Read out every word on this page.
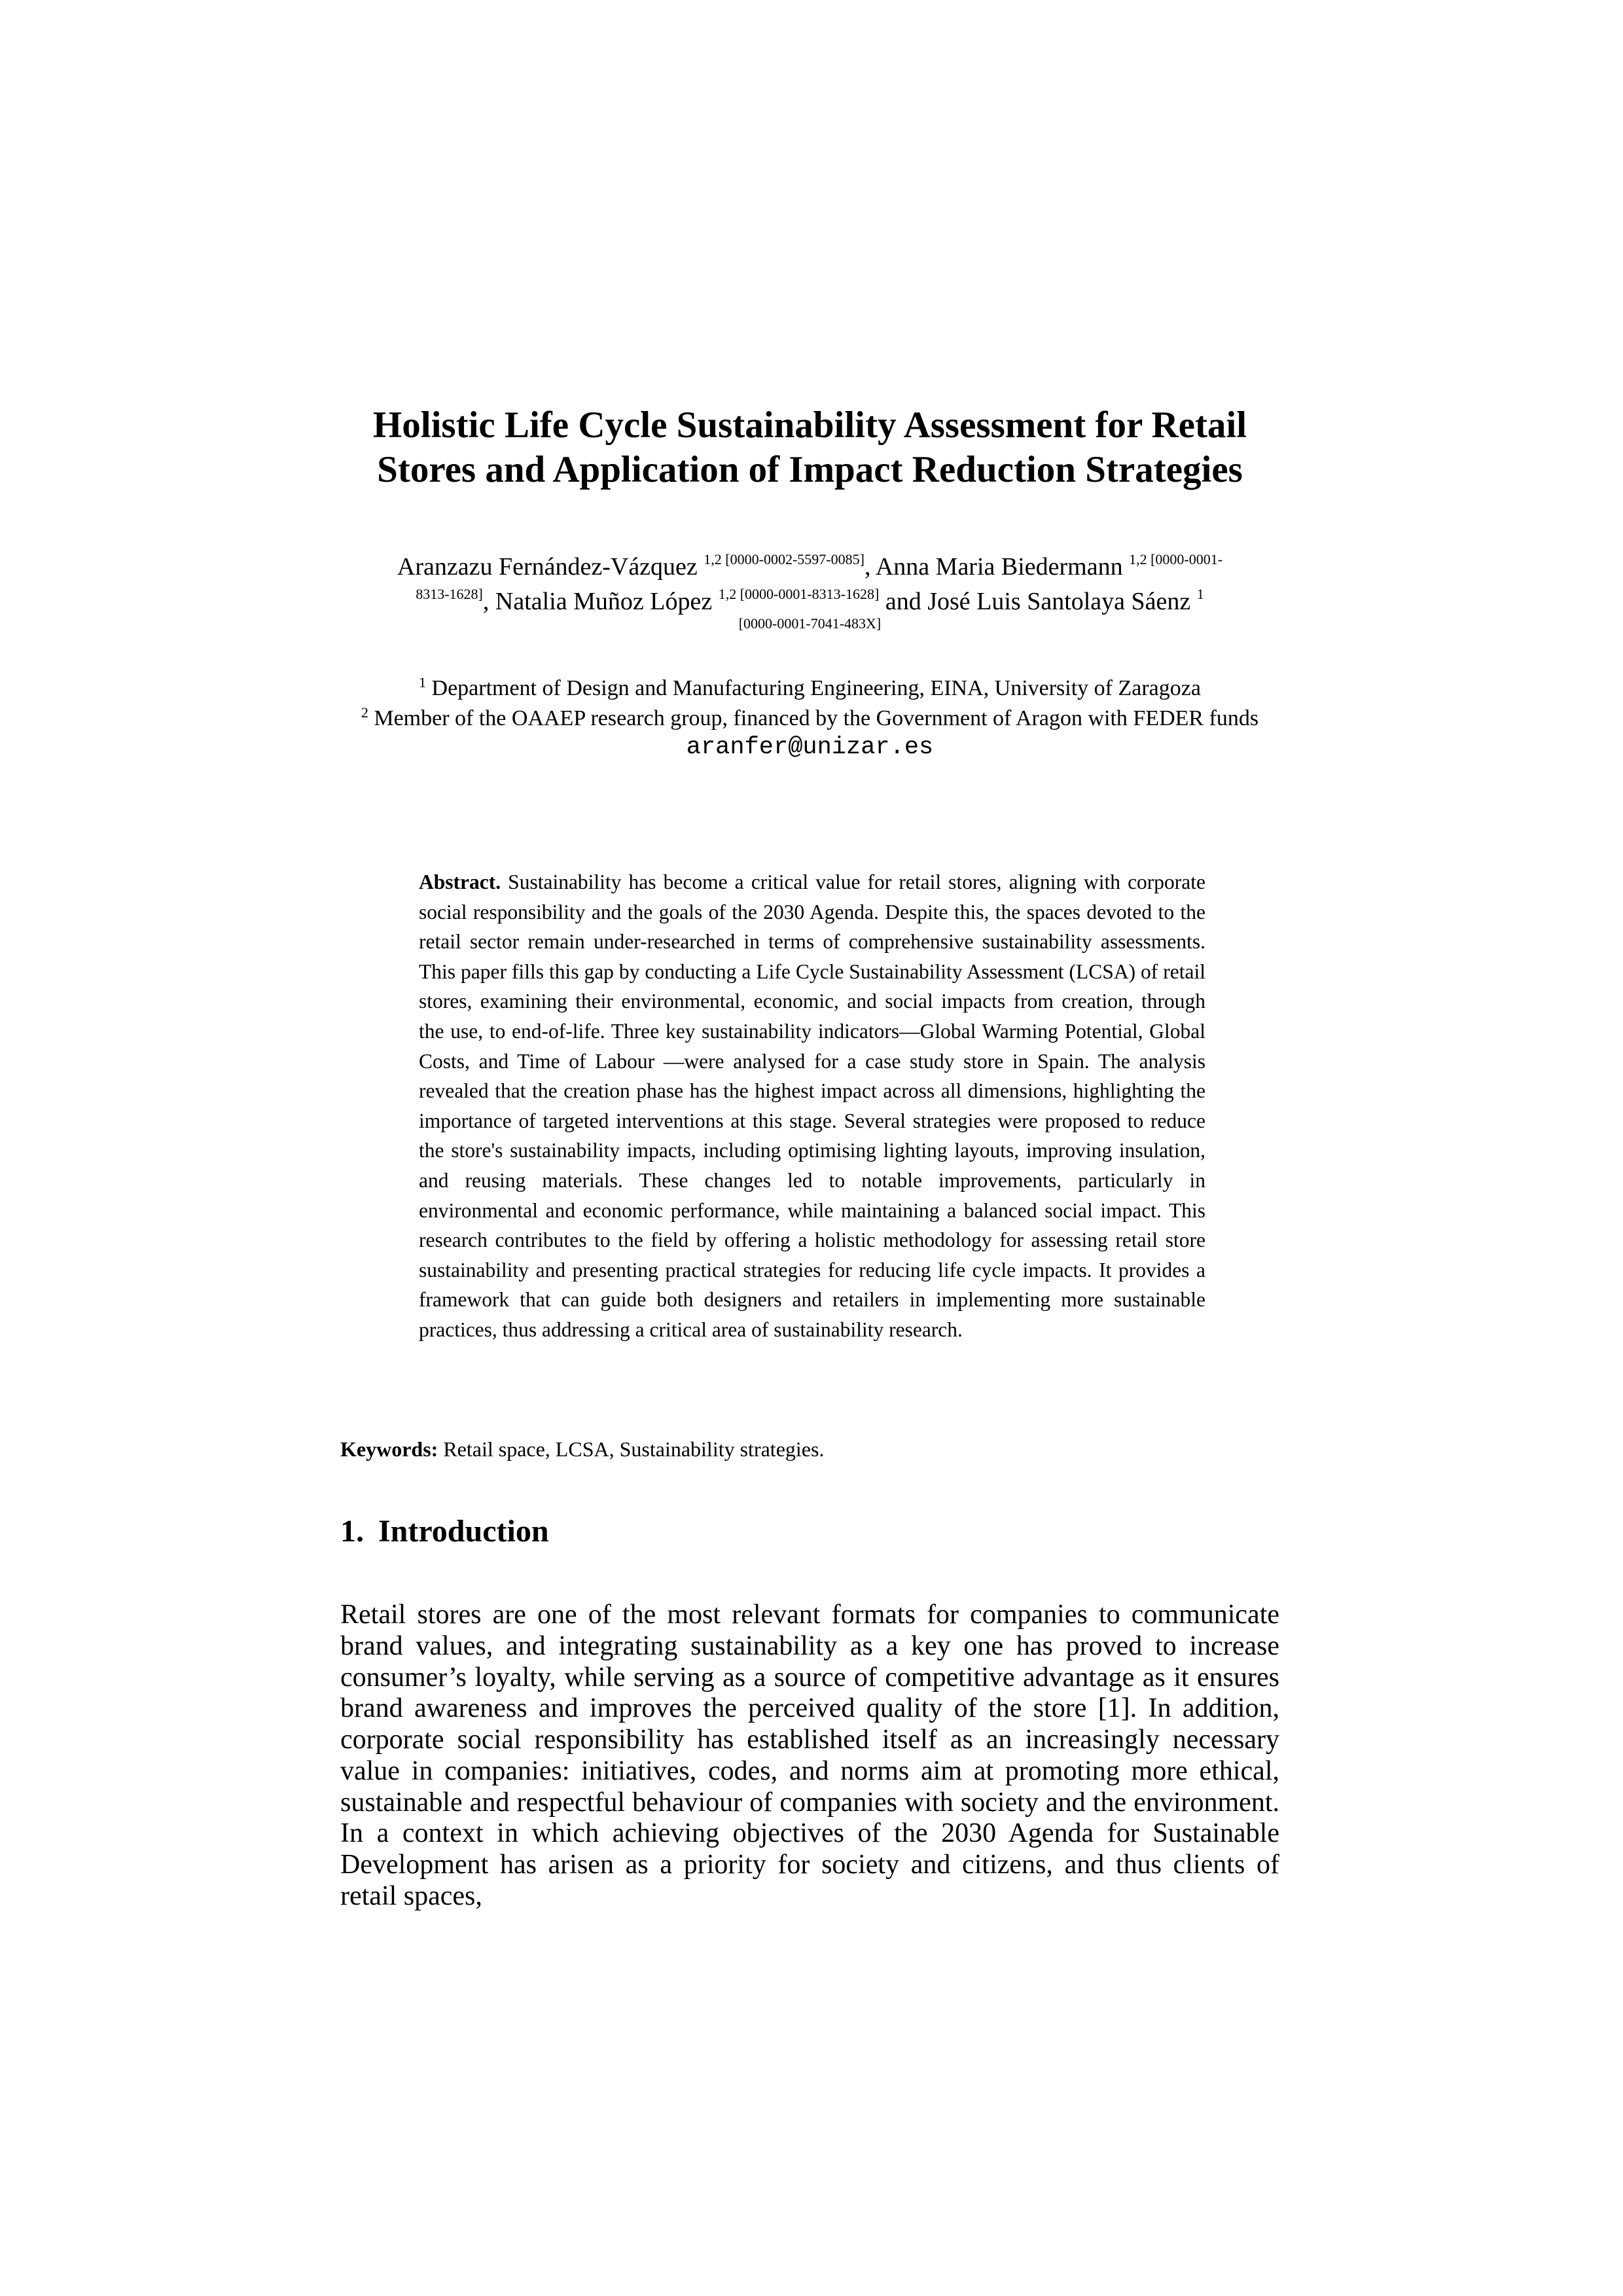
Holistic Life Cycle Sustainability Assessment for Retail
Stores and Application of Impact Reduction Strategies
Aranzazu Fernández-Vázquez $^{1,2 [0000-0002-5597-0085]}$, Anna Maria Biedermann $^{1,2 [0000-0001-}$
$^{8313-1628]}$, Natalia Muñoz López $^{1,2 [0000-0001-8313-1628]}$ and José Luis Santolaya Sáenz $^1$
[0000-0001-7041-483X]
$^1$ Department of Design and Manufacturing Engineering, EINA, University of Zaragoza
$^2$ Member of the OAAEP research group, financed by the Government of Aragon with FEDER funds
aranfer@unizar.es
Abstract. Sustainability has become a critical value for retail stores, aligning with corporate social responsibility and the goals of the 2030 Agenda. Despite this, the spaces devoted to the retail sector remain under-researched in terms of comprehensive sustainability assessments. This paper fills this gap by conducting a Life Cycle Sustainability Assessment (LCSA) of retail stores, examining their environmental, economic, and social impacts from creation, through the use, to end-of-life. Three key sustainability indicators—Global Warming Potential, Global Costs, and Time of Labour —were analysed for a case study store in Spain. The analysis revealed that the creation phase has the highest impact across all dimensions, highlighting the importance of targeted interventions at this stage. Several strategies were proposed to reduce the store's sustainability impacts, including optimising lighting layouts, improving insulation, and reusing materials. These changes led to notable improvements, particularly in environmental and economic performance, while maintaining a balanced social impact. This research contributes to the field by offering a holistic methodology for assessing retail store sustainability and presenting practical strategies for reducing life cycle impacts. It provides a framework that can guide both designers and retailers in implementing more sustainable practices, thus addressing a critical area of sustainability research.
Keywords: Retail space, LCSA, Sustainability strategies.
1. Introduction
Retail stores are one of the most relevant formats for companies to communicate brand values, and integrating sustainability as a key one has proved to increase consumer’s loyalty, while serving as a source of competitive advantage as it ensures brand awareness and improves the perceived quality of the store [1]. In addition, corporate social responsibility has established itself as an increasingly necessary value in companies: initiatives, codes, and norms aim at promoting more ethical, sustainable and respectful behaviour of companies with society and the environment. In a context in which achieving objectives of the 2030 Agenda for Sustainable Development has arisen as a priority for society and citizens, and thus clients of retail spaces,
